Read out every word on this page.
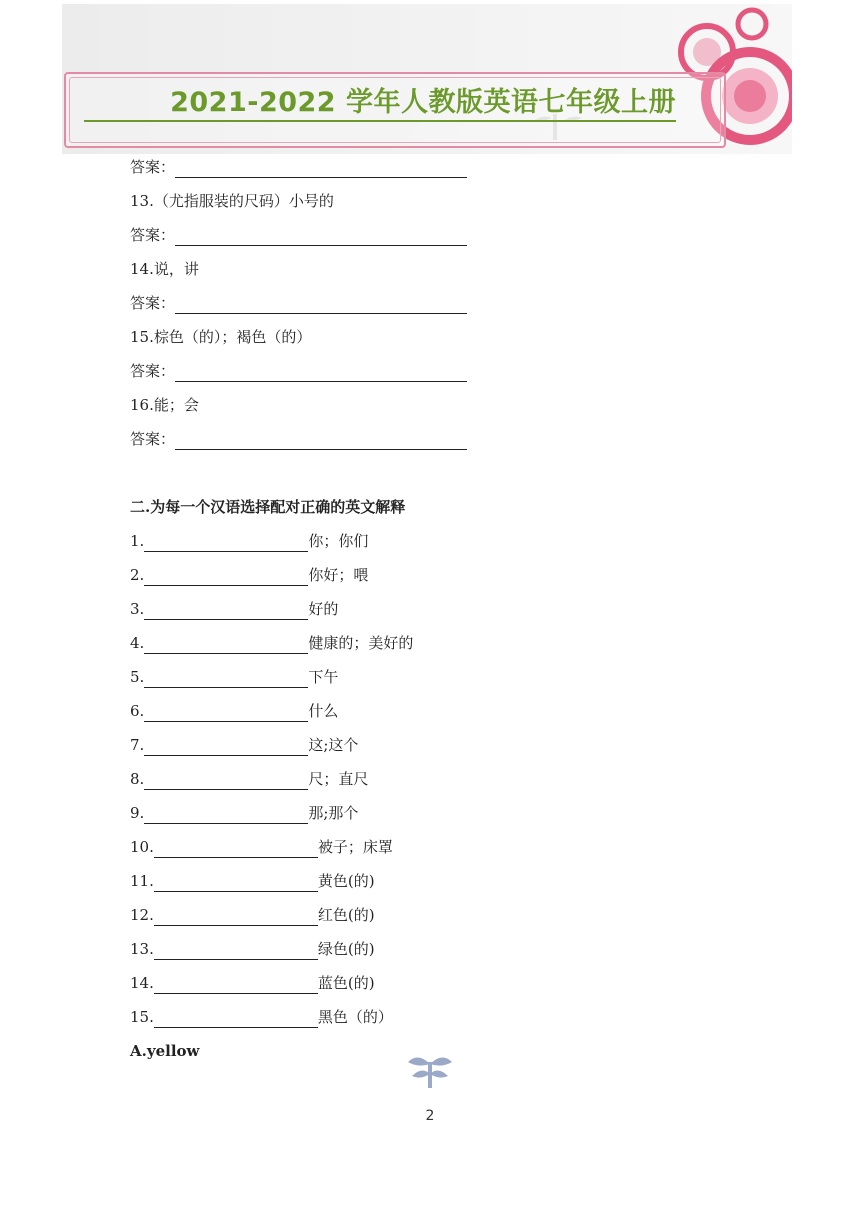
2021-2022 学年人教版英语七年级上册
答案：
13.（尤指服装的尺码）小号的
答案：
14.说，讲
答案：
15.棕色（的）；褐色（的）
答案：
16.能；会
答案：
二.为每一个汉语选择配对正确的英文解释
1.	你；你们
2.	你好；喂
3.	好的
4.	健康的；美好的
5.	下午
6.	什么
7.	这;这个
8.	尺；直尺
9.	那;那个
10.	被子；床罩
11.	黄色(的)
12.	红色(的)
13.	绿色(的)
14.	蓝色(的)
15.	黑色（的）
A.yellow
2
